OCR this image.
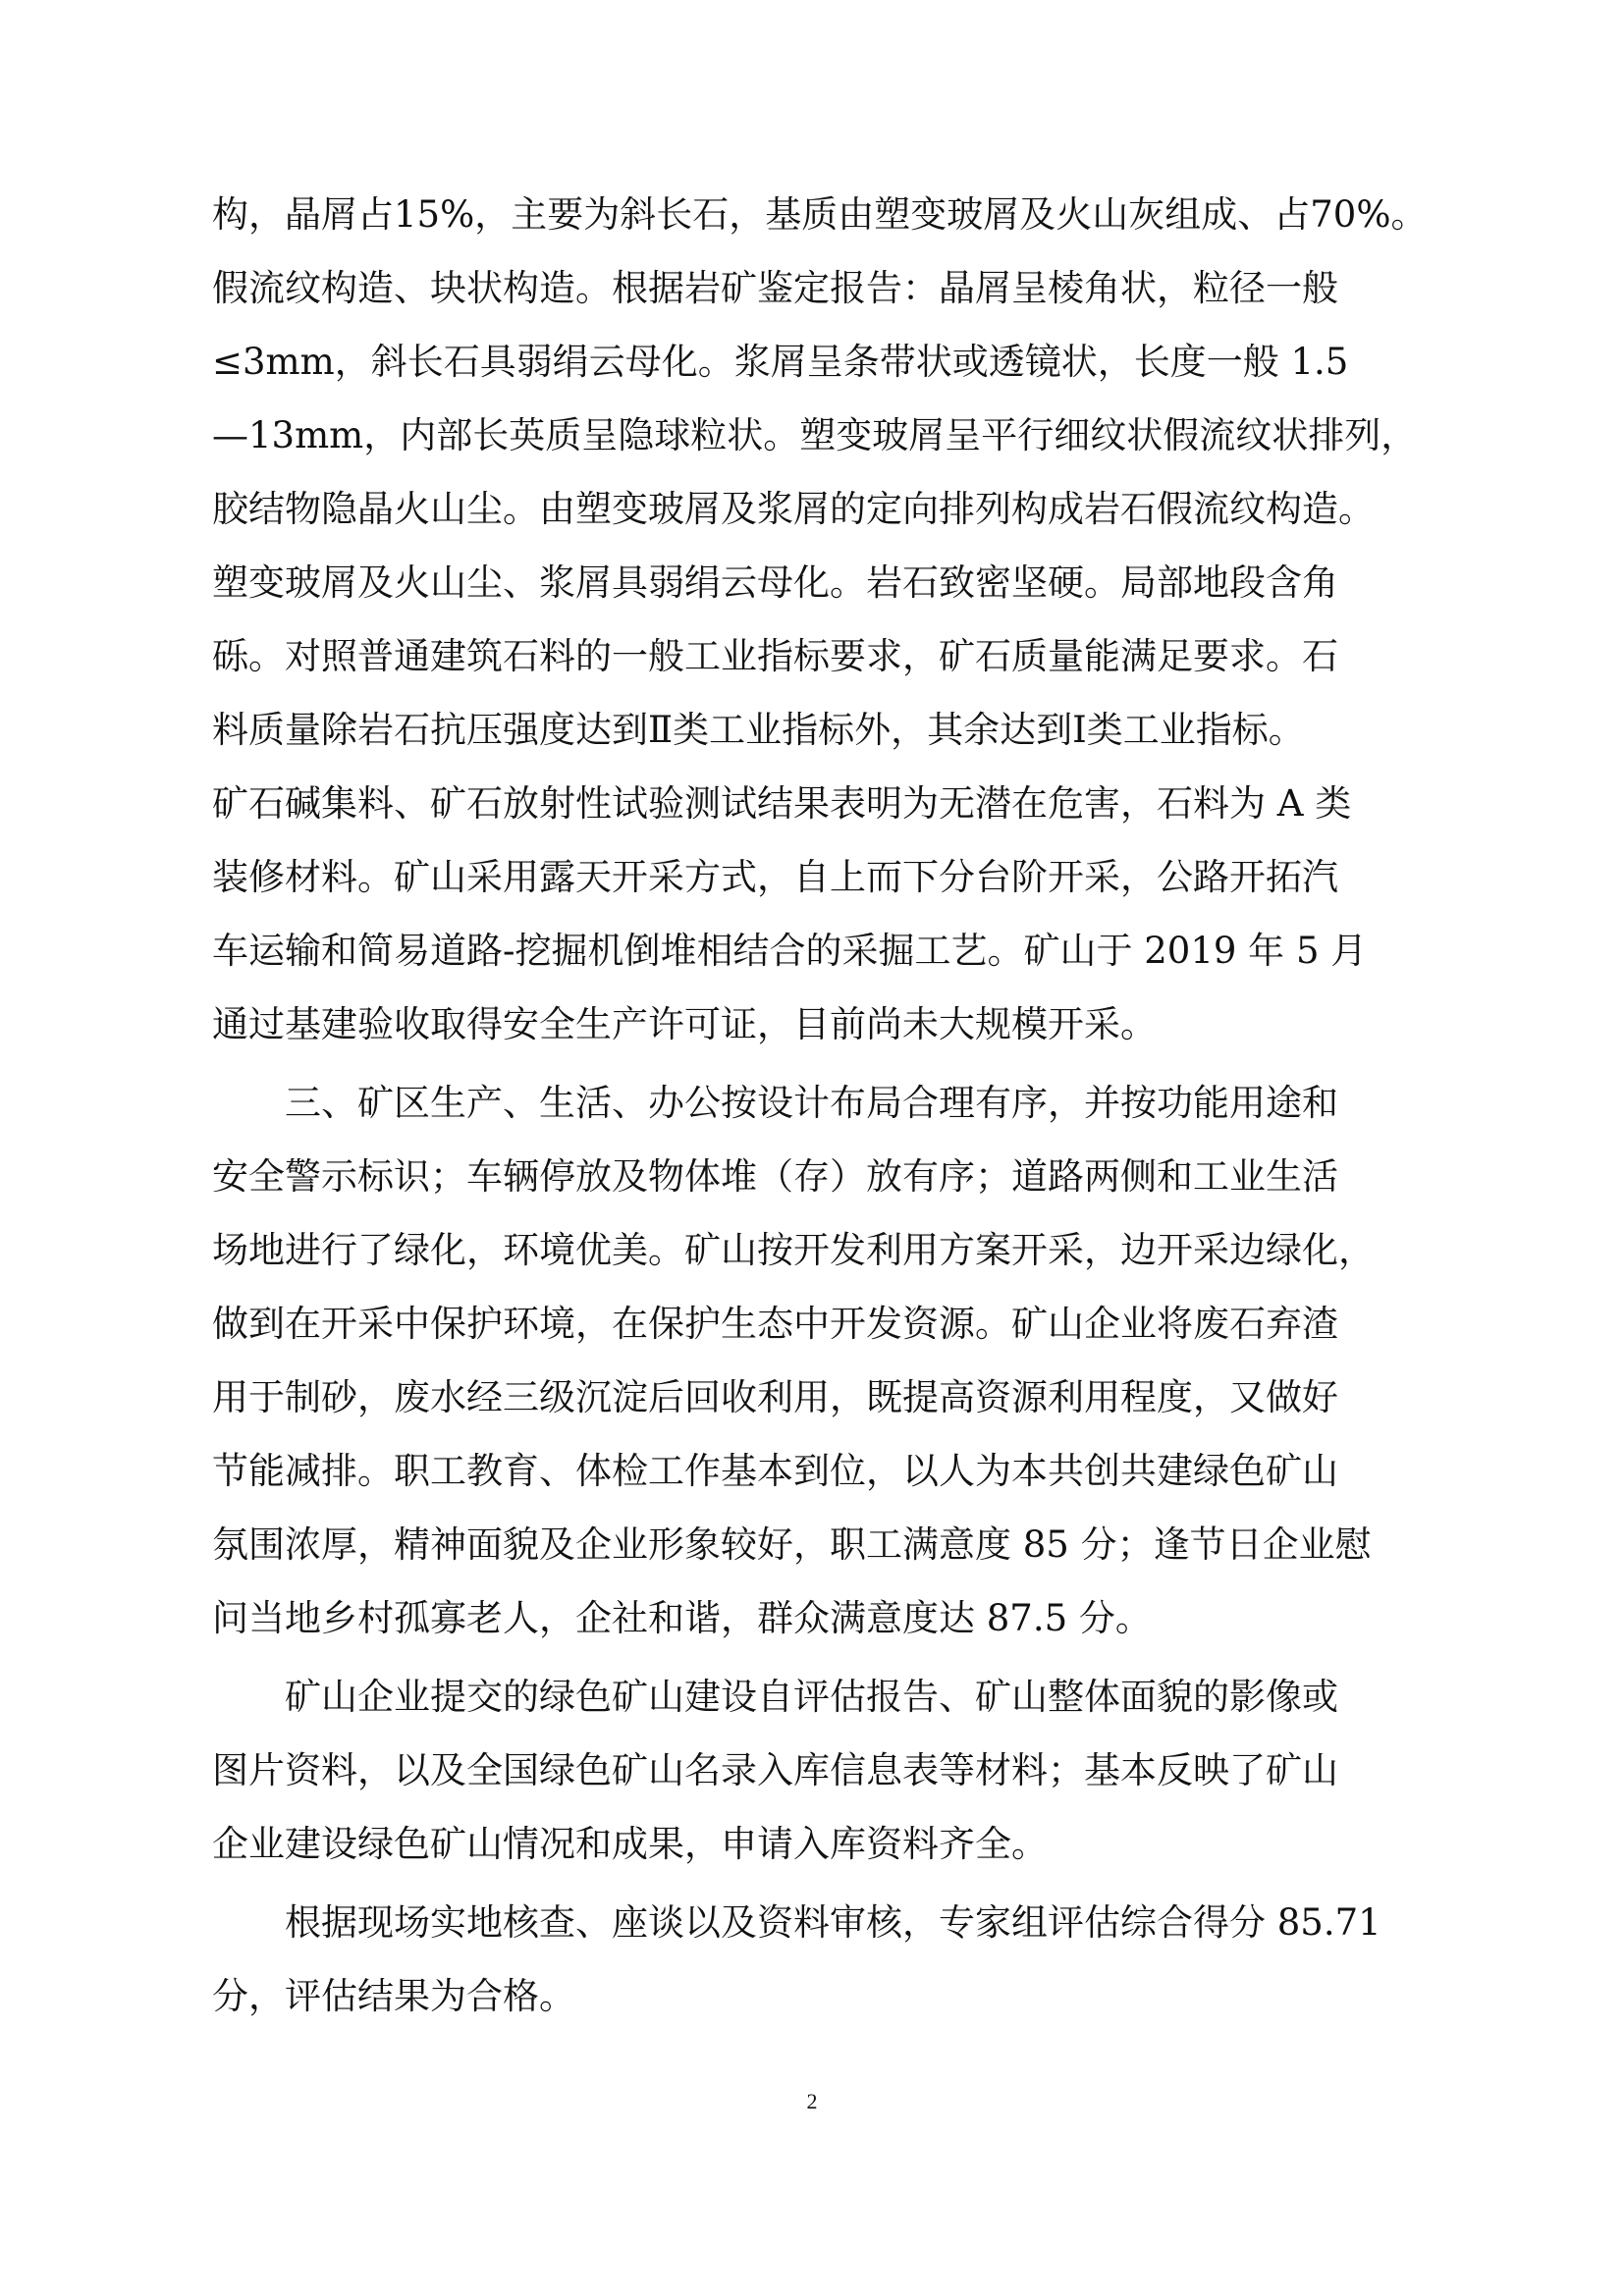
构，晶屑占15%，主要为斜长石，基质由塑变玻屑及火山灰组成、占70%。
假流纹构造、块状构造。根据岩矿鉴定报告：晶屑呈棱角状，粒径一般
≤3mm，斜长石具弱绢云母化。浆屑呈条带状或透镜状，长度一般 1.5
—13mm，内部长英质呈隐球粒状。塑变玻屑呈平行细纹状假流纹状排列，
胶结物隐晶火山尘。由塑变玻屑及浆屑的定向排列构成岩石假流纹构造。
塑变玻屑及火山尘、浆屑具弱绢云母化。岩石致密坚硬。局部地段含角
砾。对照普通建筑石料的一般工业指标要求，矿石质量能满足要求。石
料质量除岩石抗压强度达到Ⅱ类工业指标外，其余达到Ⅰ类工业指标。
矿石碱集料、矿石放射性试验测试结果表明为无潜在危害，石料为 A 类
装修材料。矿山采用露天开采方式，自上而下分台阶开采，公路开拓汽
车运输和简易道路-挖掘机倒堆相结合的采掘工艺。矿山于 2019 年 5 月
通过基建验收取得安全生产许可证，目前尚未大规模开采。
三、矿区生产、生活、办公按设计布局合理有序，并按功能用途和
安全警示标识；车辆停放及物体堆（存）放有序；道路两侧和工业生活
场地进行了绿化，环境优美。矿山按开发利用方案开采，边开采边绿化，
做到在开采中保护环境，在保护生态中开发资源。矿山企业将废石弃渣
用于制砂，废水经三级沉淀后回收利用，既提高资源利用程度，又做好
节能减排。职工教育、体检工作基本到位，以人为本共创共建绿色矿山
氛围浓厚，精神面貌及企业形象较好，职工满意度 85 分；逢节日企业慰
问当地乡村孤寡老人，企社和谐，群众满意度达 87.5 分。
矿山企业提交的绿色矿山建设自评估报告、矿山整体面貌的影像或
图片资料，以及全国绿色矿山名录入库信息表等材料；基本反映了矿山
企业建设绿色矿山情况和成果，申请入库资料齐全。
根据现场实地核查、座谈以及资料审核，专家组评估综合得分 85.71
分，评估结果为合格。
2
